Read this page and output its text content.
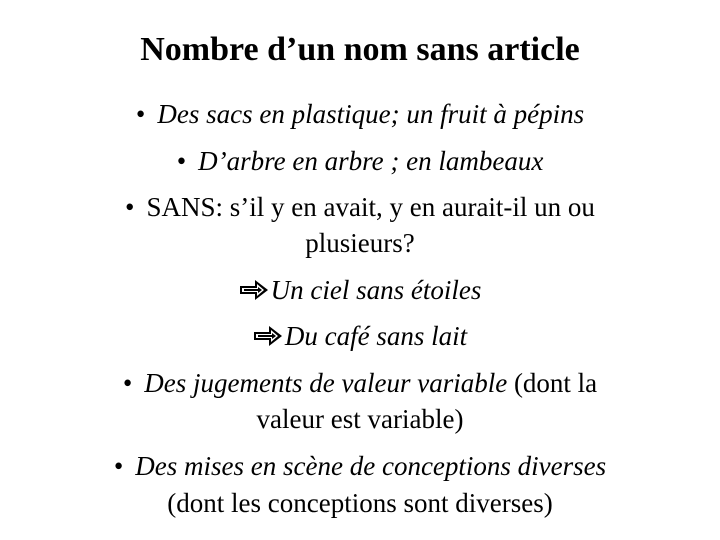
Nombre d’un nom sans article
• Des sacs en plastique; un fruit à pépins
• D’arbre en arbre ; en lambeaux
• SANS: s’il y en avait, y en aurait-il un ou
plusieurs?
Un ciel sans étoiles
Du café sans lait
• Des jugements de valeur variable (dont la
valeur est variable)
• Des mises en scène de conceptions diverses
(dont les conceptions sont diverses)
